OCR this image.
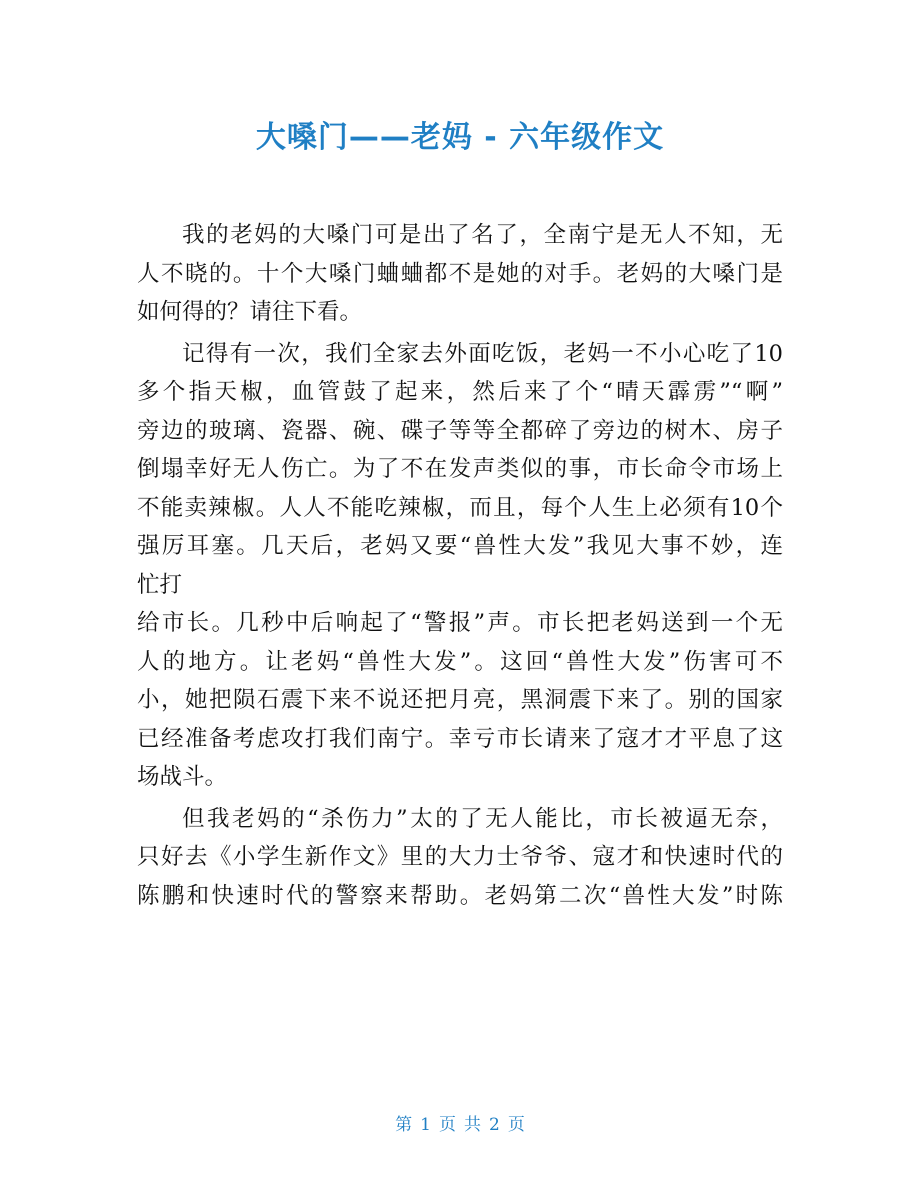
大嗓门——老妈 - 六年级作文
我的老妈的大嗓门可是出了名了，全南宁是无人不知，无
人不晓的。十个大嗓门蛐蛐都不是她的对手。老妈的大嗓门是
如何得的？请往下看。
记得有一次，我们全家去外面吃饭，老妈一不小心吃了10
多个指天椒，血管鼓了起来，然后来了个“晴天霹雳”“啊”
旁边的玻璃、瓷器、碗、碟子等等全都碎了旁边的树木、房子
倒塌幸好无人伤亡。为了不在发声类似的事，市长命令市场上
不能卖辣椒。人人不能吃辣椒，而且，每个人生上必须有10个
强厉耳塞。几天后，老妈又要“兽性大发”我见大事不妙，连
忙打
给市长。几秒中后响起了“警报”声。市长把老妈送到一个无
人的地方。让老妈“兽性大发”。这回“兽性大发”伤害可不
小，她把陨石震下来不说还把月亮，黑洞震下来了。别的国家
已经准备考虑攻打我们南宁。幸亏市长请来了寇才才平息了这
场战斗。
但我老妈的“杀伤力”太的了无人能比，市长被逼无奈，
只好去《小学生新作文》里的大力士爷爷、寇才和快速时代的
陈鹏和快速时代的警察来帮助。老妈第二次“兽性大发”时陈
第 1 页 共 2 页
